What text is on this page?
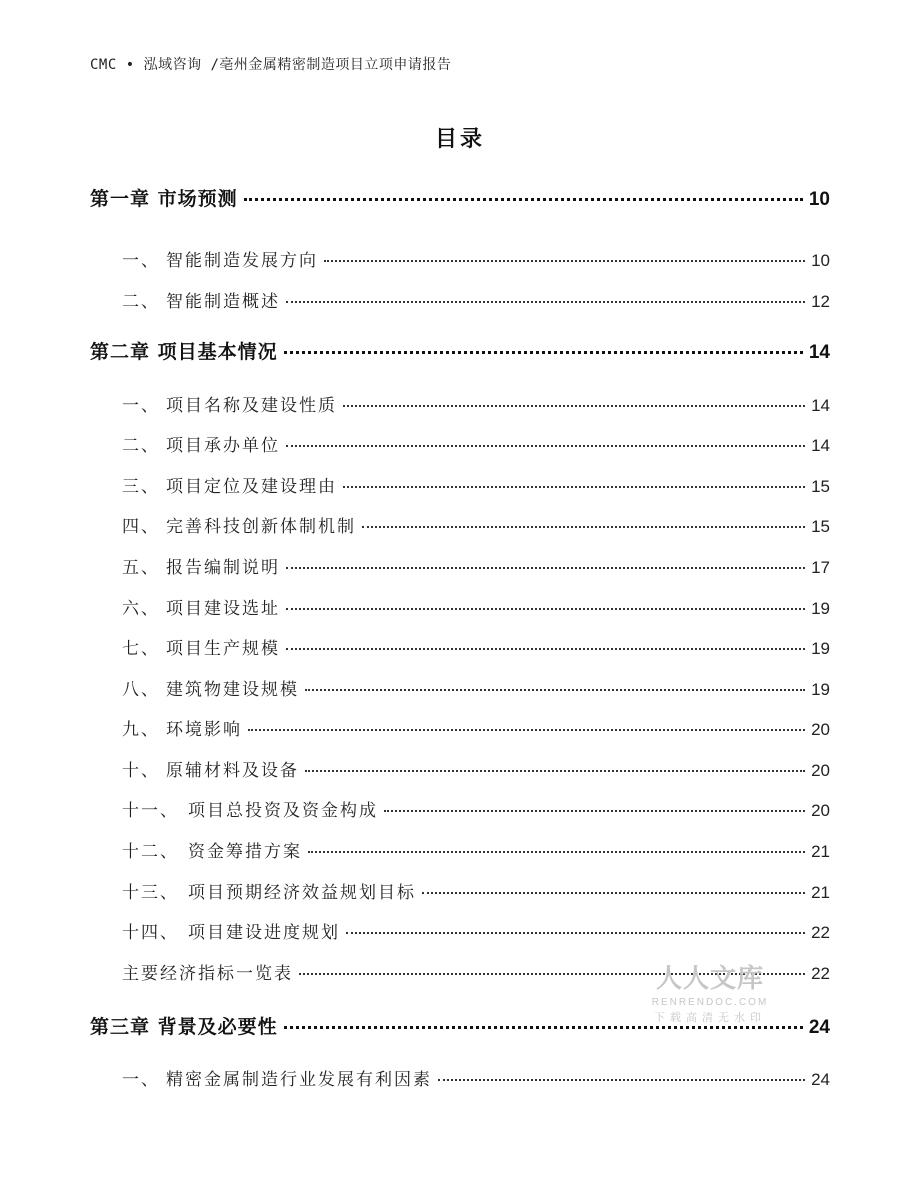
CMC • 泓域咨询 /亳州金属精密制造项目立项申请报告
目录
第一章 市场预测	10
一、 智能制造发展方向	10
二、 智能制造概述	12
第二章 项目基本情况	14
一、 项目名称及建设性质	14
二、 项目承办单位	14
三、 项目定位及建设理由	15
四、 完善科技创新体制机制	15
五、 报告编制说明	17
六、 项目建设选址	19
七、 项目生产规模	19
八、 建筑物建设规模	19
九、 环境影响	20
十、 原辅材料及设备	20
十一、 项目总投资及资金构成	20
十二、 资金筹措方案	21
十三、 项目预期经济效益规划目标	21
十四、 项目建设进度规划	22
主要经济指标一览表	22
第三章 背景及必要性	24
一、 精密金属制造行业发展有利因素	24
人人文库
RENRENDOC.COM
下载高清无水印
